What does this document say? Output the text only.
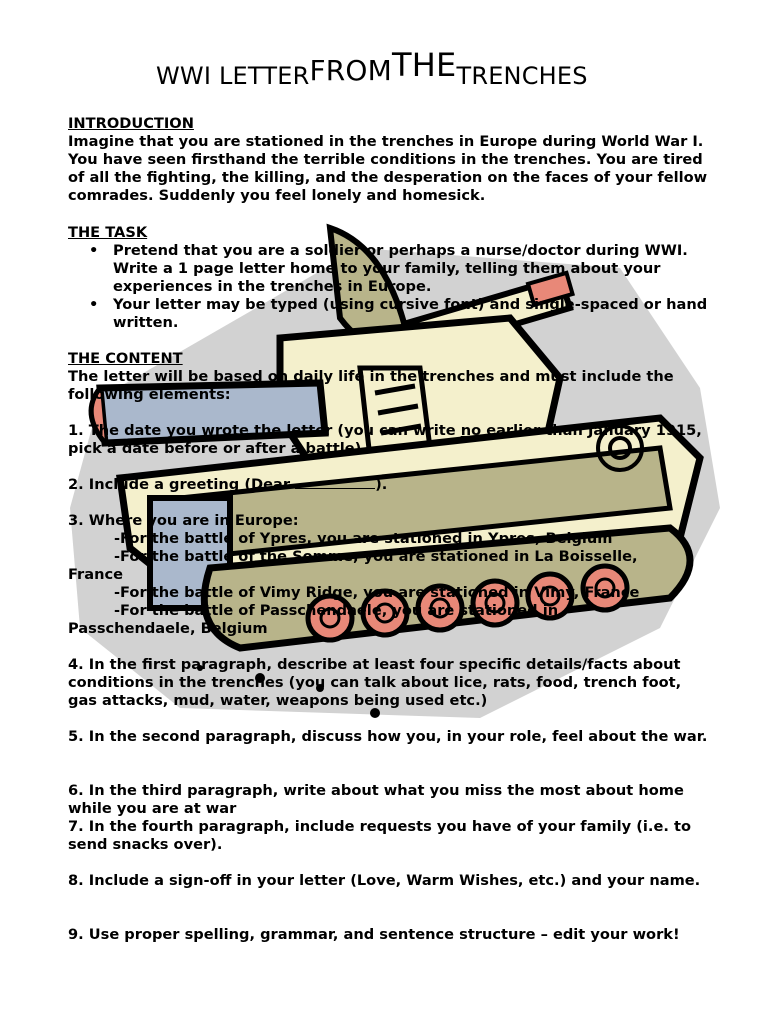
WWI LETTERFROMTHETRENCHES

INTRODUCTION

Imagine that you are stationed in the trenches in Europe during World War I. You have seen firsthand the terrible conditions in the trenches. You are tired of all the fighting, the killing, and the desperation on the faces of your fellow comrades. Suddenly you feel lonely and homesick.

THE TASK

• Pretend that you are a soldier or perhaps a nurse/doctor during WWI. Write a 1 page letter home to your family, telling them about your experiences in the trenches in Europe.
• Your letter may be typed (using cursive font) and single-spaced or hand written.

THE CONTENT

The letter will be based on daily life in the trenches and must include the following elements:

1. The date you wrote the letter (you can write no earlier than January 1915, pick a date before or after a battle).

2. Include a greeting (Dear	).

3. Where you are in Europe:

-For the battle of Ypres, you are stationed in Ypres, Belgium

-For the battle of the Somme, you are stationed in La Boisselle,

France

-For the battle of Vimy Ridge, you are stationed in Vimy, France

-For the battle of Passchendaele, you are stationed in

Passchendaele, Belgium

4. In the first paragraph, describe at least four specific details/facts about conditions in the trenches (you can talk about lice, rats, food, trench foot, gas attacks, mud, water, weapons being used etc.)

5. In the second paragraph, discuss how you, in your role, feel about the war.

6. In the third paragraph, write about what you miss the most about home while you are at war

7. In the fourth paragraph, include requests you have of your family (i.e. to send snacks over).

8. Include a sign-off in your letter (Love, Warm Wishes, etc.) and your name.

9. Use proper spelling, grammar, and sentence structure – edit your work!
